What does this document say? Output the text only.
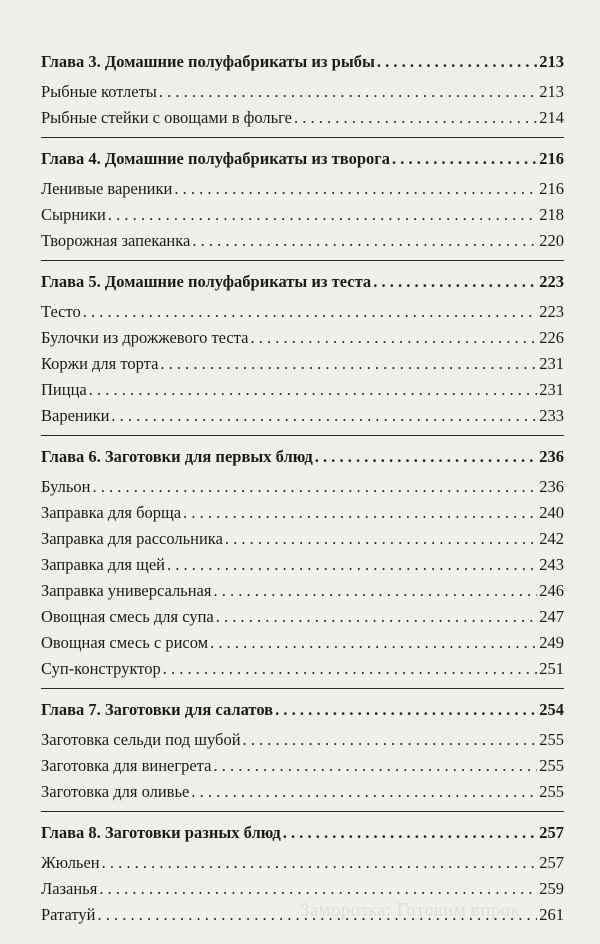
Заморозка: Готовим впрок
Глава 3. Домашние полуфабрикаты из рыбы . . .	213
Рыбные котлеты . . .	213
Рыбные стейки с овощами в фольге . . .	214
Глава 4. Домашние полуфабрикаты из творога . . .	216
Ленивые вареники . . .	216
Сырники . . .	218
Творожная запеканка . . .	220
Глава 5. Домашние полуфабрикаты из теста . . .	223
Тесто . . .	223
Булочки из дрожжевого теста . . .	226
Коржи для торта . . .	231
Пицца . . .	231
Вареники . . .	233
Глава 6. Заготовки для первых блюд . . .	236
Бульон . . .	236
Заправка для борща . . .	240
Заправка для рассольника . . .	242
Заправка для щей . . .	243
Заправка универсальная . . .	246
Овощная смесь для супа . . .	247
Овощная смесь с рисом . . .	249
Суп-конструктор . . .	251
Глава 7. Заготовки для салатов . . .	254
Заготовка сельди под шубой . . .	255
Заготовка для винегрета . . .	255
Заготовка для оливье . . .	255
Глава 8. Заготовки разных блюд . . .	257
Жюльен . . .	257
Лазанья . . .	259
Рататуй . . .	261
